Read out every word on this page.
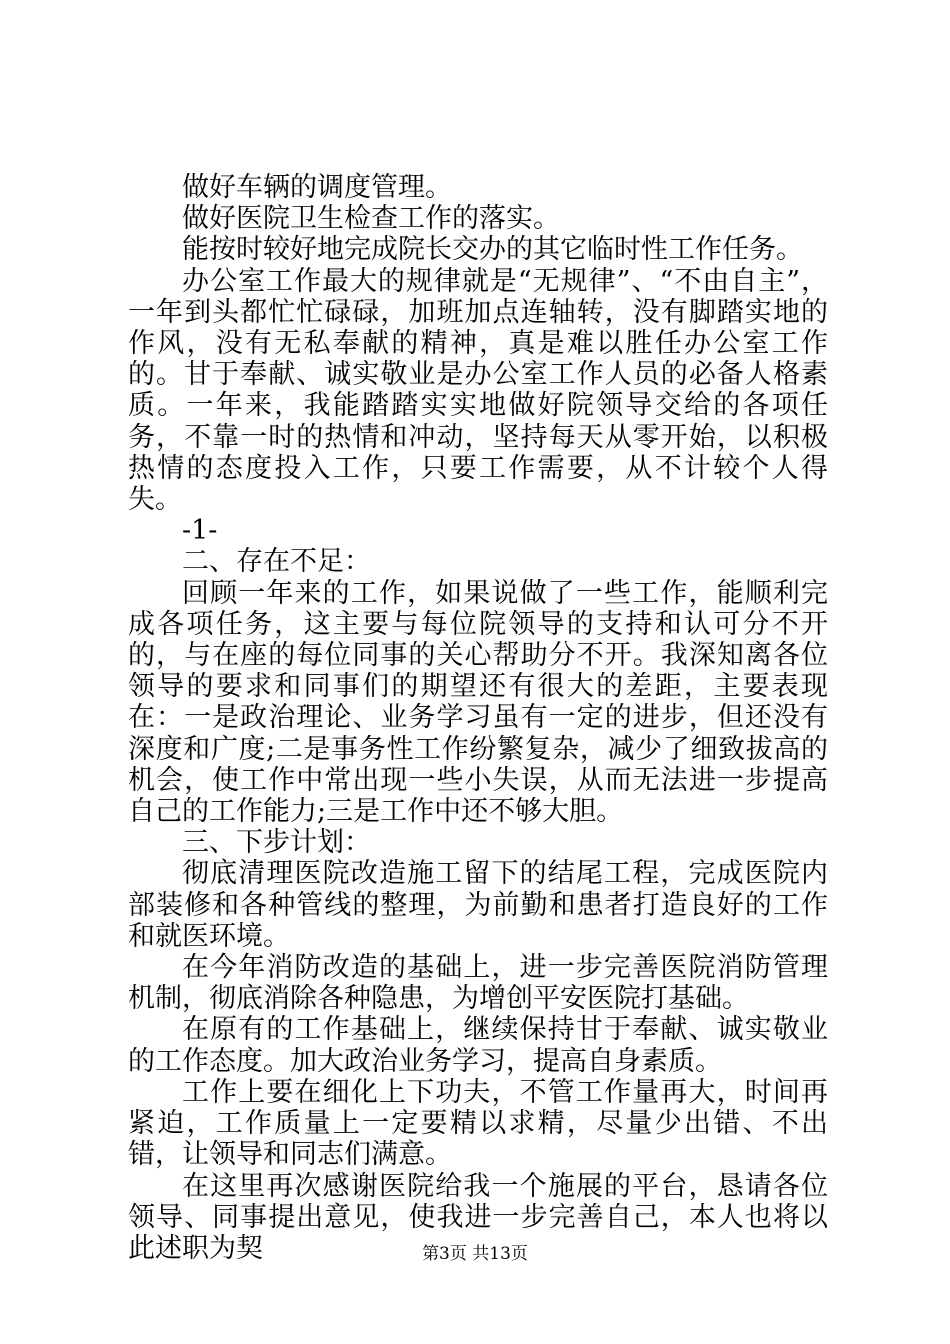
做好车辆的调度管理。

做好医院卫生检查工作的落实。

能按时较好地完成院长交办的其它临时性工作任务。

办公室工作最大的规律就是“无规律”、“不由自主”，一年到头都忙忙碌碌，加班加点连轴转，没有脚踏实地的作风，没有无私奉献的精神，真是难以胜任办公室工作的。甘于奉献、诚实敬业是办公室工作人员的必备人格素质。一年来，我能踏踏实实地做好院领导交给的各项任务，不靠一时的热情和冲动，坚持每天从零开始，以积极热情的态度投入工作，只要工作需要，从不计较个人得失。

-1-

二、存在不足：

回顾一年来的工作，如果说做了一些工作，能顺利完成各项任务，这主要与每位院领导的支持和认可分不开的，与在座的每位同事的关心帮助分不开。我深知离各位领导的要求和同事们的期望还有很大的差距，主要表现在：一是政治理论、业务学习虽有一定的进步，但还没有深度和广度;二是事务性工作纷繁复杂，减少了细致拔高的机会，使工作中常出现一些小失误，从而无法进一步提高自己的工作能力;三是工作中还不够大胆。

三、下步计划：

彻底清理医院改造施工留下的结尾工程，完成医院内部装修和各种管线的整理，为前勤和患者打造良好的工作和就医环境。

在今年消防改造的基础上，进一步完善医院消防管理机制，彻底消除各种隐患，为增创平安医院打基础。

在原有的工作基础上，继续保持甘于奉献、诚实敬业的工作态度。加大政治业务学习，提高自身素质。

工作上要在细化上下功夫，不管工作量再大，时间再紧迫，工作质量上一定要精以求精，尽量少出错、不出错，让领导和同志们满意。

在这里再次感谢医院给我一个施展的平台，恳请各位领导、同事提出意见，使我进一步完善自己，本人也将以此述职为契	第3页 共13页
